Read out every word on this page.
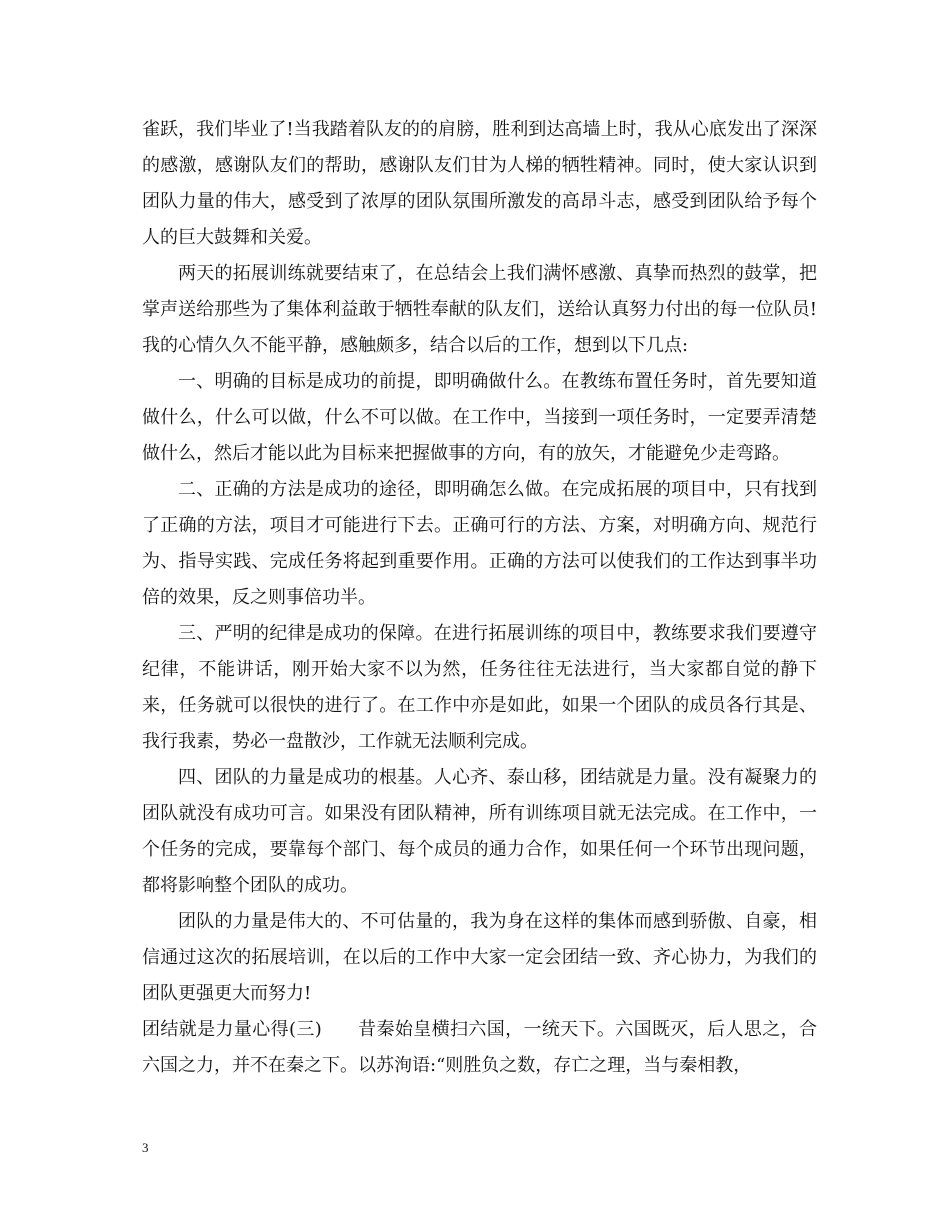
雀跃，我们毕业了!当我踏着队友的的肩膀，胜利到达高墙上时，我从心底发出了深深的感激，感谢队友们的帮助，感谢队友们甘为人梯的牺牲精神。同时，使大家认识到团队力量的伟大，感受到了浓厚的团队氛围所激发的高昂斗志，感受到团队给予每个人的巨大鼓舞和关爱。

两天的拓展训练就要结束了，在总结会上我们满怀感激、真挚而热烈的鼓掌，把掌声送给那些为了集体利益敢于牺牲奉献的队友们，送给认真努力付出的每一位队员!我的心情久久不能平静，感触颇多，结合以后的工作，想到以下几点:

一、明确的目标是成功的前提，即明确做什么。在教练布置任务时，首先要知道做什么，什么可以做，什么不可以做。在工作中，当接到一项任务时，一定要弄清楚做什么，然后才能以此为目标来把握做事的方向，有的放矢，才能避免少走弯路。

二、正确的方法是成功的途径，即明确怎么做。在完成拓展的项目中，只有找到了正确的方法，项目才可能进行下去。正确可行的方法、方案，对明确方向、规范行为、指导实践、完成任务将起到重要作用。正确的方法可以使我们的工作达到事半功倍的效果，反之则事倍功半。

三、严明的纪律是成功的保障。在进行拓展训练的项目中，教练要求我们要遵守纪律，不能讲话，刚开始大家不以为然，任务往往无法进行，当大家都自觉的静下来，任务就可以很快的进行了。在工作中亦是如此，如果一个团队的成员各行其是、我行我素，势必一盘散沙，工作就无法顺利完成。

四、团队的力量是成功的根基。人心齐、泰山移，团结就是力量。没有凝聚力的团队就没有成功可言。如果没有团队精神，所有训练项目就无法完成。在工作中，一个任务的完成，要靠每个部门、每个成员的通力合作，如果任何一个环节出现问题，都将影响整个团队的成功。

团队的力量是伟大的、不可估量的，我为身在这样的集体而感到骄傲、自豪，相信通过这次的拓展培训，在以后的工作中大家一定会团结一致、齐心协力，为我们的团队更强更大而努力!

团结就是力量心得(三) 昔秦始皇横扫六国，一统天下。六国既灭，后人思之，合六国之力，并不在秦之下。以苏洵语:“则胜负之数，存亡之理，当与秦相教，

3
